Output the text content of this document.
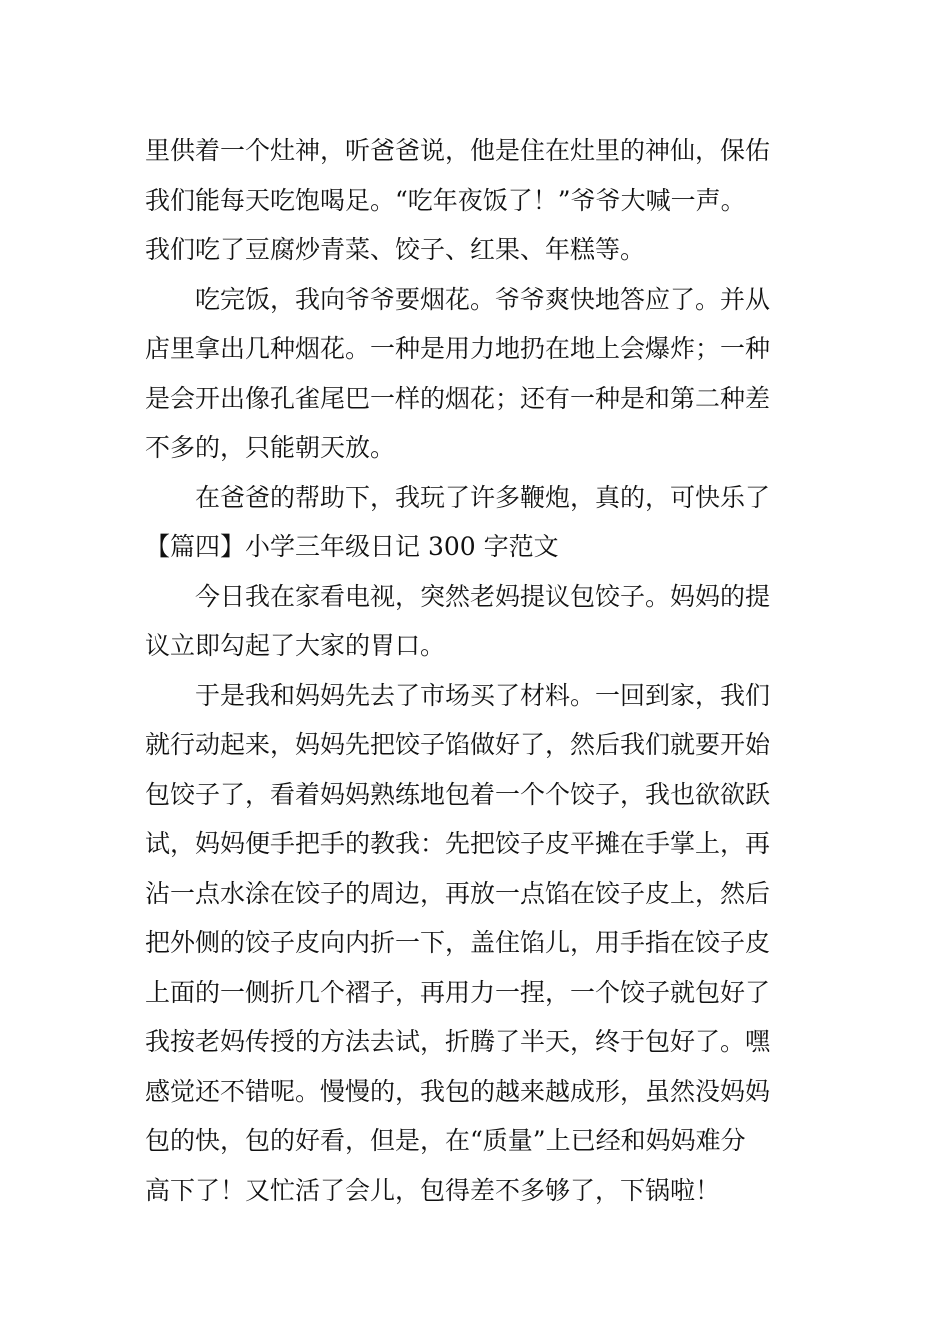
里供着一个灶神，听爸爸说，他是住在灶里的神仙，保佑
我们能每天吃饱喝足。“吃年夜饭了！”爷爷大喊一声。
我们吃了豆腐炒青菜、饺子、红果、年糕等。
吃完饭，我向爷爷要烟花。爷爷爽快地答应了。并从
店里拿出几种烟花。一种是用力地扔在地上会爆炸；一种
是会开出像孔雀尾巴一样的烟花；还有一种是和第二种差
不多的，只能朝天放。
在爸爸的帮助下，我玩了许多鞭炮，真的，可快乐了
【篇四】小学三年级日记 300 字范文
今日我在家看电视，突然老妈提议包饺子。妈妈的提
议立即勾起了大家的胃口。
于是我和妈妈先去了市场买了材料。一回到家，我们
就行动起来，妈妈先把饺子馅做好了，然后我们就要开始
包饺子了，看着妈妈熟练地包着一个个饺子，我也欲欲跃
试，妈妈便手把手的教我：先把饺子皮平摊在手掌上，再
沾一点水涂在饺子的周边，再放一点馅在饺子皮上，然后
把外侧的饺子皮向内折一下，盖住馅儿，用手指在饺子皮
上面的一侧折几个褶子，再用力一捏，一个饺子就包好了
我按老妈传授的方法去试，折腾了半天，终于包好了。嘿
感觉还不错呢。慢慢的，我包的越来越成形，虽然没妈妈
包的快，包的好看，但是，在“质量”上已经和妈妈难分
高下了！又忙活了会儿，包得差不多够了，下锅啦！
